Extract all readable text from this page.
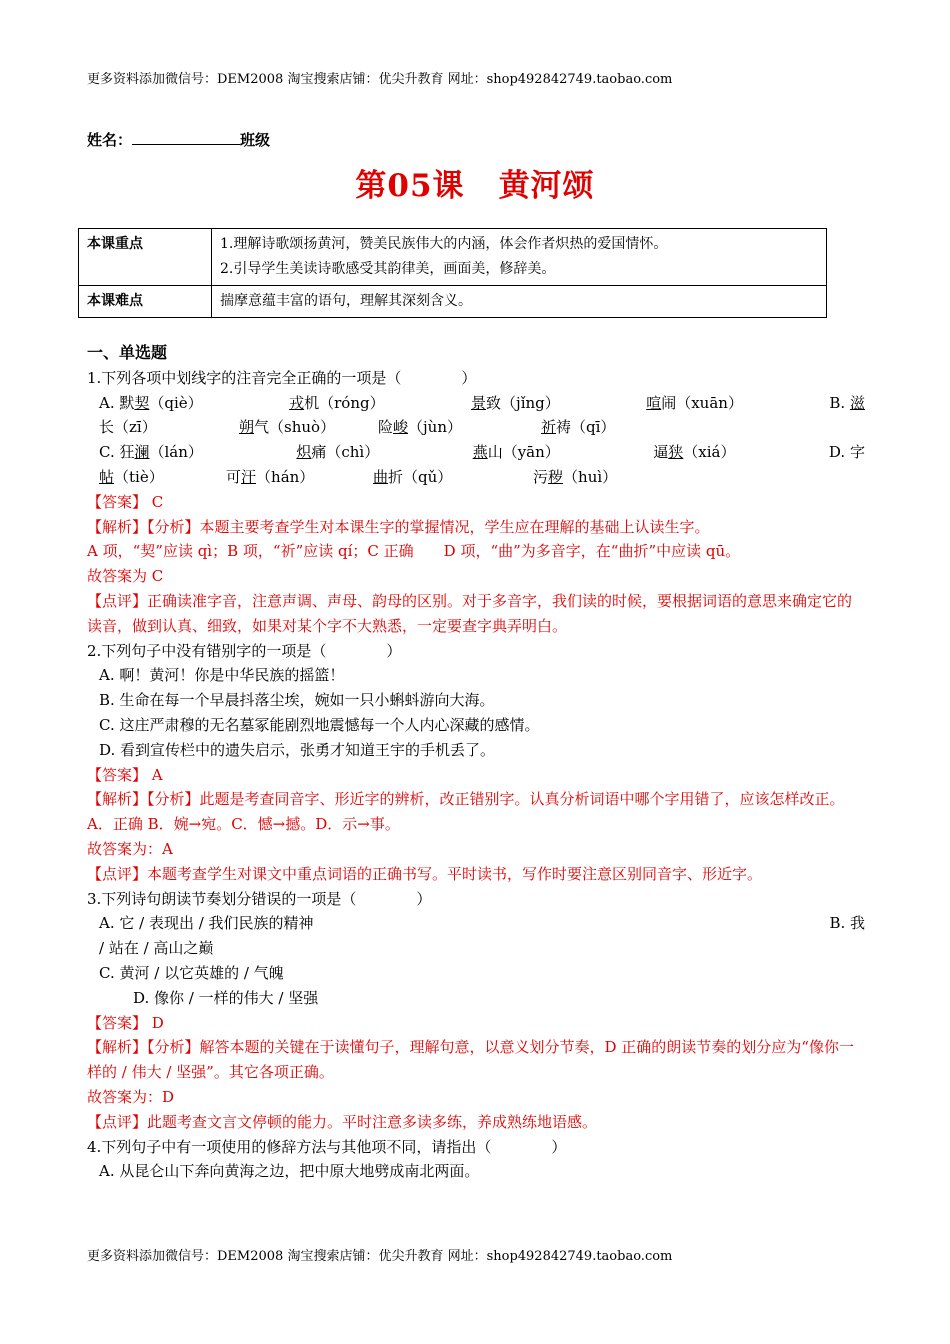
更多资料添加微信号：DEM2008 淘宝搜索店铺：优尖升教育 网址：shop492842749.taobao.com
姓名：	班级
第05课 黄河颂
本课重点	1.理解诗歌颂扬黄河，赞美民族伟大的内涵，体会作者炽热的爱国情怀。
2.引导学生美读诗歌感受其韵律美，画面美，修辞美。

本课难点	揣摩意蕴丰富的语句，理解其深刻含义。

一、单选题

1.下列各项中划线字的注音完全正确的一项是（　　　　）

A. 默契（qiè）	戎机（róng）	景致（jǐng）	喧闹（xuān）	B. 滋
长（zī）	朔气（shuò）	险峻（jùn）	祈祷（qī）
C. 狂澜（lán）	炽痛（chì）	燕山（yān）	逼狭（xiá）	D. 字
帖（tiè）	可汗（hán）	曲折（qǔ）	污秽（huì）

【答案】 C

【解析】【分析】本题主要考查学生对本课生字的掌握情况，学生应在理解的基础上认读生字。

A 项，“契”应读 qì；B 项，“祈”应读 qí；C 正确　　D 项，“曲”为多音字，在“曲折”中应读 qū。

故答案为 C

【点评】正确读准字音，注意声调、声母、韵母的区别。对于多音字，我们读的时候，要根据词语的意思来确定它的读音，做到认真、细致，如果对某个字不大熟悉，一定要查字典弄明白。

2.下列句子中没有错别字的一项是（　　　　）

A. 啊！黄河！你是中华民族的摇篮！

B. 生命在每一个早晨抖落尘埃，婉如一只小蝌蚪游向大海。

C. 这庄严肃穆的无名墓冢能剧烈地震憾每一个人内心深藏的感情。

D. 看到宣传栏中的遗失启示，张勇才知道王宇的手机丢了。

【答案】 A

【解析】【分析】此题是考查同音字、形近字的辨析，改正错别字。认真分析词语中哪个字用错了，应该怎样改正。

A．正确 B．婉→宛。C．憾→撼。D．示→事。

故答案为：A

【点评】本题考查学生对课文中重点词语的正确书写。平时读书，写作时要注意区别同音字、形近字。

3.下列诗句朗读节奏划分错误的一项是（　　　　）

A. 它 / 表现出 / 我们民族的精神	B. 我

/ 站在 / 高山之巅

C. 黄河 / 以它英雄的 / 气魄

D. 像你 / 一样的伟大 / 坚强

【答案】 D

【解析】【分析】解答本题的关键在于读懂句子，理解句意，以意义划分节奏，D 正确的朗读节奏的划分应为“像你一样的 / 伟大 / 坚强”。其它各项正确。

故答案为：D

【点评】此题考查文言文停顿的能力。平时注意多读多练，养成熟练地语感。

4.下列句子中有一项使用的修辞方法与其他项不同，请指出（　　　　）

A. 从昆仑山下奔向黄海之边，把中原大地劈成南北两面。

更多资料添加微信号：DEM2008 淘宝搜索店铺：优尖升教育 网址：shop492842749.taobao.com
